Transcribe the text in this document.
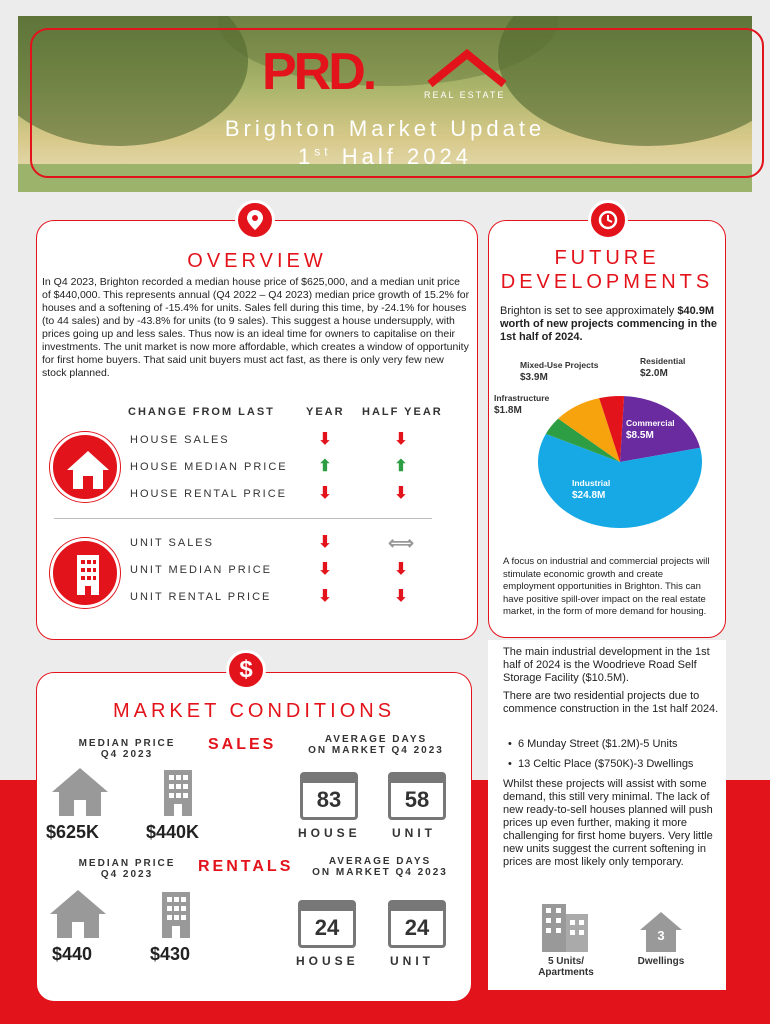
PRD.	REAL ESTATE
Brighton Market Update
1st Half 2024
OVERVIEW
In Q4 2023, Brighton recorded a median house price of $625,000, and a median unit price of $440,000. This represents annual (Q4 2022 – Q4 2023) median price growth of 15.2% for houses and a softening of -15.4% for units. Sales fell during this time, by -24.1% for houses (to 44 sales) and by -43.8% for units (to 9 sales). This suggest a house undersupply, with prices going up and less sales. Thus now is an ideal time for owners to capitalise on their investments. The unit market is now more affordable, which creates a window of opportunity for first home buyers. That said unit buyers must act fast, as there is only very few new stock planned.
CHANGE FROM LAST	YEAR HALF YEAR
HOUSE SALES	⬇	⬇
HOUSE MEDIAN PRICE ⬆	⬆
HOUSE RENTAL PRICE ⬇	⬇
UNIT SALES	⬇	⟺
UNIT MEDIAN PRICE	⬇	⬇
UNIT RENTAL PRICE	⬇	⬇
FUTURE
DEVELOPMENTS
Brighton is set to see approximately $40.9M worth of new projects commencing in the 1st half of 2024.
Commercial
$8.5M
Industrial
$24.8M
Infrastructure
$1.8M
Mixed-Use Projects
$3.9M
Residential
$2.0M
A focus on industrial and commercial projects will stimulate economic growth and create employment opportunities in Brighton. This can have positive spill-over impact on the real estate market, in the form of more demand for housing.
The main industrial development in the 1st half of 2024 is the Woodrieve Road Self Storage Facility ($10.5M).
There are two residential projects due to commence construction in the 1st half 2024.
•  6 Munday Street ($1.2M)-5 Units
•  13 Celtic Place ($750K)-3 Dwellings
Whilst these projects will assist with some demand, this still very minimal. The lack of new ready-to-sell houses planned will push prices up even further, making it more challenging for first home buyers. Very little new units suggest the current softening in prices are most likely only temporary.
5 Units/ Apartments
3
Dwellings
$
MARKET CONDITIONS
MEDIAN PRICE
Q4 2023
SALES	AVERAGE DAYS
ON MARKET Q4 2023
$625K	$440K
83	58
HOUSE	UNIT
MEDIAN PRICE
Q4 2023	RENTALS	AVERAGE DAYS
ON MARKET Q4 2023
$440	$430
24	24
HOUSE	UNIT
